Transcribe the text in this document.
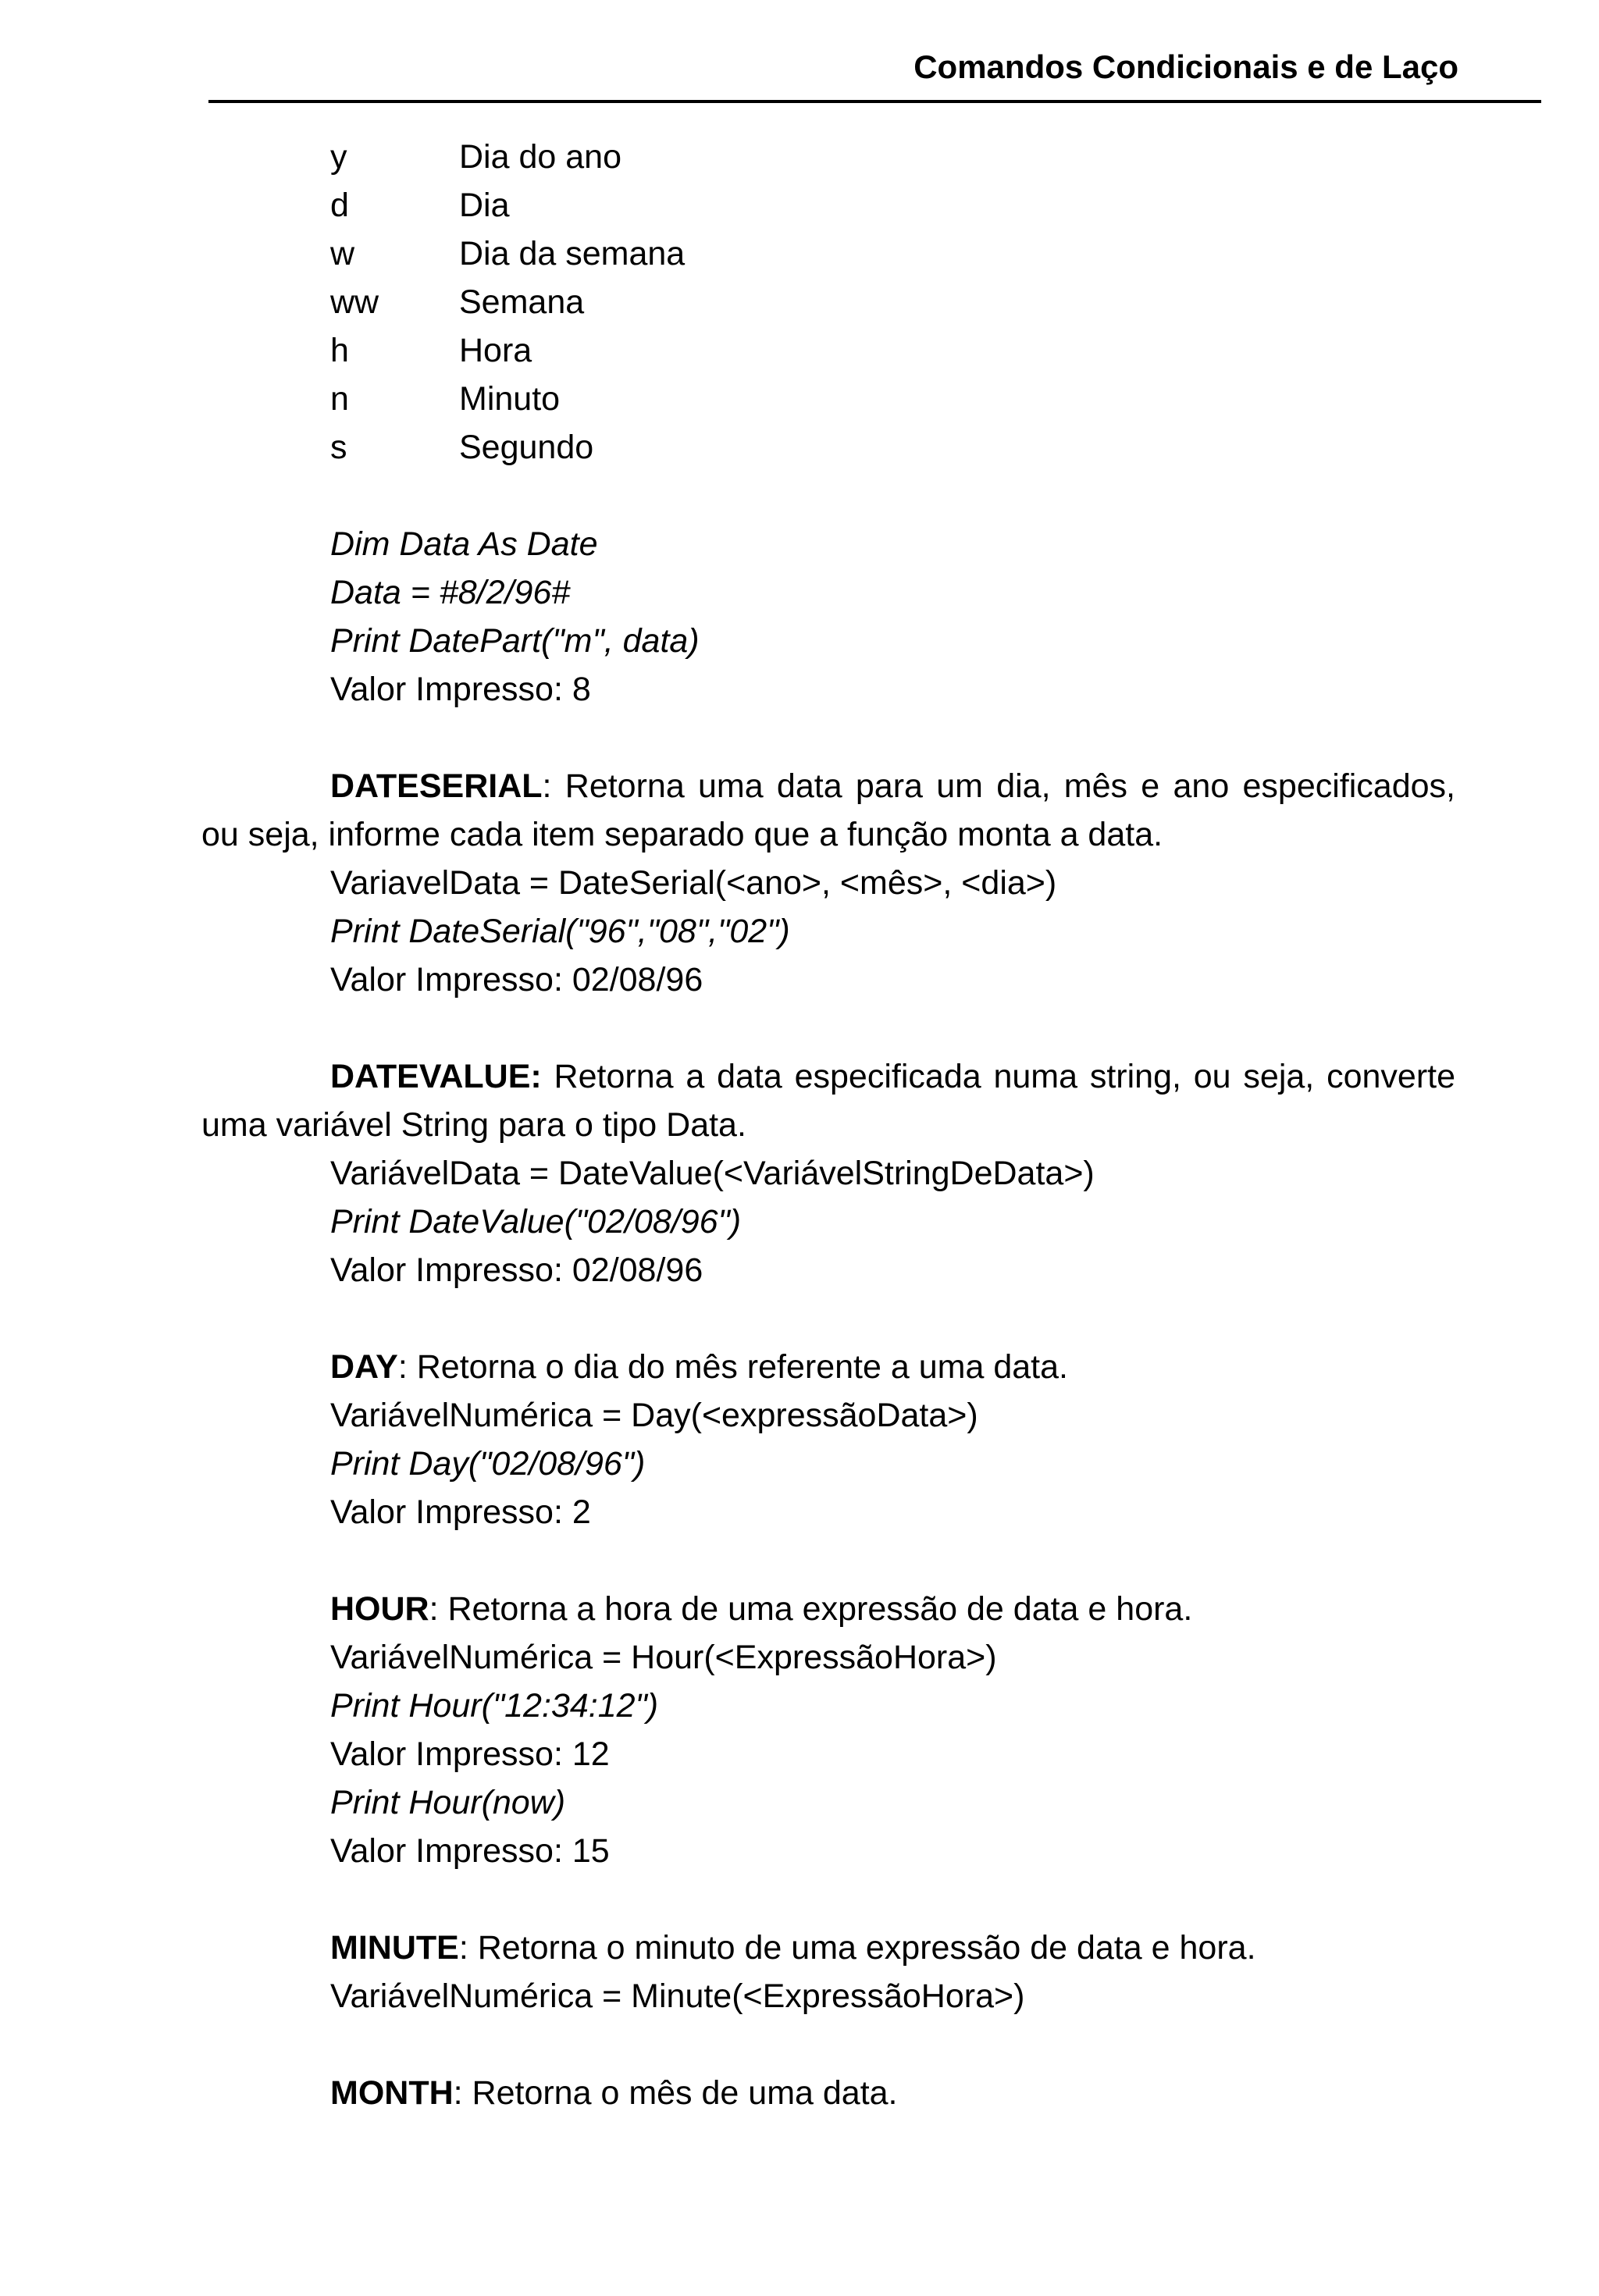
Comandos Condicionais e de Laço
y	Dia do ano
d	Dia
w	Dia da semana
ww	Semana
h	Hora
n	Minuto
s	Segundo
Dim Data As Date
Data = #8/2/96#
Print DatePart("m", data)
Valor Impresso: 8

DATESERIAL: Retorna uma data para um dia, mês e ano especificados, ou seja, informe cada item separado que a função monta a data.

VariavelData = DateSerial(<ano>, <mês>, <dia>)
Print DateSerial("96","08","02")
Valor Impresso: 02/08/96

DATEVALUE: Retorna a data especificada numa string, ou seja, converte uma variável String para o tipo Data.

VariávelData = DateValue(<VariávelStringDeData>)
Print DateValue("02/08/96")
Valor Impresso: 02/08/96
DAY: Retorna o dia do mês referente a uma data.
VariávelNumérica = Day(<expressãoData>)
Print Day("02/08/96")
Valor Impresso: 2
HOUR: Retorna a hora de uma expressão de data e hora.
VariávelNumérica = Hour(<ExpressãoHora>)
Print Hour("12:34:12")
Valor Impresso: 12
Print Hour(now)
Valor Impresso: 15
MINUTE: Retorna o minuto de uma expressão de data e hora.
VariávelNumérica = Minute(<ExpressãoHora>)
MONTH: Retorna o mês de uma data.
